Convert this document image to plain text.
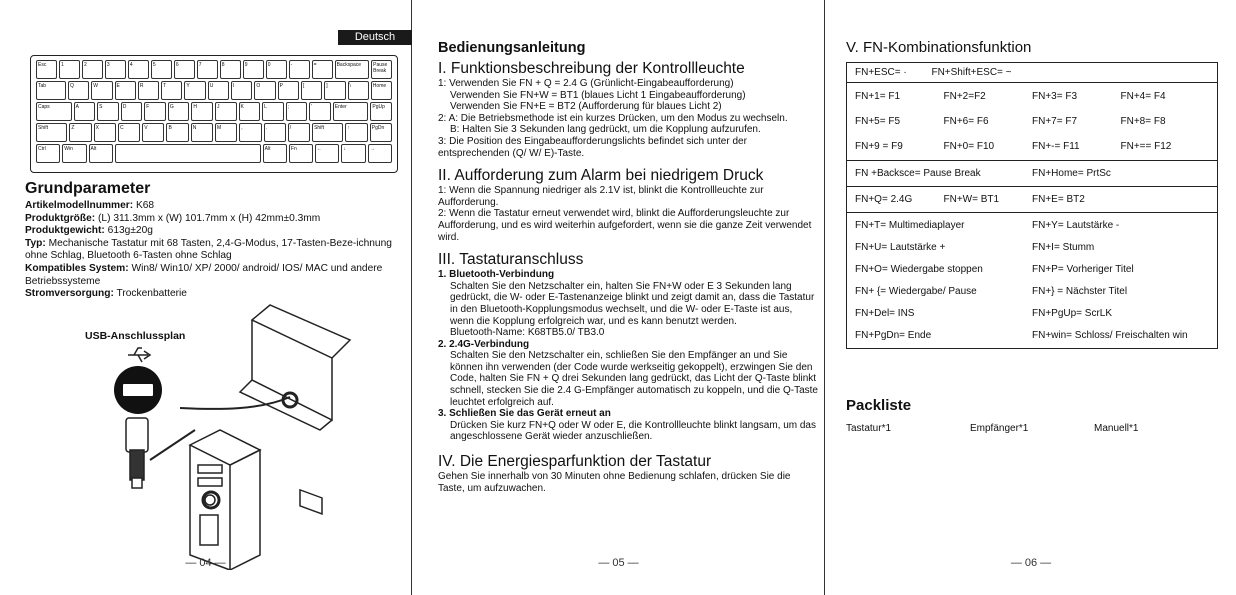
Deutsch
Esc	1	2	3	4	5	6	7	8	9	0	-	=	Backspace	Pause Break
Tab	Q	W	E	R	T	Y	U	I	O	P	[	]	\	Home
Caps	A	S	D	F	G	H	J	K	L	;	'	Enter	PgUp
Shift	Z	X	C	V	B	N	M	,	.	/	Shift	↑	PgDn
Ctrl	Win	Alt	Alt	Fn	←	↓	→
Grundparameter
Artikelmodellnummer: K68
Produktgröße: (L) 311.3mm x (W) 101.7mm x (H) 42mm±0.3mm
Produktgewicht: 613g±20g
Typ: Mechanische Tastatur mit 68 Tasten, 2,4-G-Modus, 17-Tasten-Beze-ichnung ohne Schlag, Bluetooth 6-Tasten ohne Schlag
Kompatibles System: Win8/ Win10/ XP/ 2000/ android/ IOS/ MAC und andere Betriebssysteme
Stromversorgung: Trockenbatterie
USB-Anschlussplan
— 04 —
Bedienungsanleitung

I. Funktionsbeschreibung der Kontrollleuchte

1: Verwenden Sie FN + Q = 2.4 G (Grünlicht-Eingabeaufforderung)

Verwenden Sie FN+W = BT1 (blaues Licht 1 Eingabeaufforderung)

Verwenden Sie FN+E = BT2 (Aufforderung für blaues Licht 2)

2: A: Die Betriebsmethode ist ein kurzes Drücken, um den Modus zu wechseln.

B: Halten Sie 3 Sekunden lang gedrückt, um die Kopplung aufzurufen.

3: Die Position des Eingabeaufforderungslichts befindet sich unter der entsprechenden (Q/ W/ E)-Taste.

II. Aufforderung zum Alarm bei niedrigem Druck

1: Wenn die Spannung niedriger als 2.1V ist, blinkt die Kontrollleuchte zur Aufforderung.

2: Wenn die Tastatur erneut verwendet wird, blinkt die Aufforderungsleuchte zur Aufforderung, und es wird weiterhin aufgefordert, wenn sie die ganze Zeit verwendet wird.

III. Tastaturanschluss

1. Bluetooth-Verbindung

Schalten Sie den Netzschalter ein, halten Sie FN+W oder E 3 Sekunden lang gedrückt, die W- oder E-Tastenanzeige blinkt und zeigt damit an, dass die Tastatur in den Bluetooth-Kopplungsmodus wechselt, und die W- oder E-Taste ist aus, wenn die Kopplung erfolgreich war, und es kann benutzt werden.

Bluetooth-Name: K68TB5.0/ TB3.0

2. 2.4G-Verbindung

Schalten Sie den Netzschalter ein, schließen Sie den Empfänger an und Sie können ihn verwenden (der Code wurde werkseitig gekoppelt), erzwingen Sie den Code, halten Sie FN + Q drei Sekunden lang gedrückt, das Licht der Q-Taste blinkt schnell, stecken Sie die 2.4 G-Empfänger automatisch zu koppeln, und die Q-Taste leuchtet erfolgreich auf.

3. Schließen Sie das Gerät erneut an

Drücken Sie kurz FN+Q oder W oder E, die Kontrollleuchte blinkt langsam, um das angeschlossene Gerät wieder anzuschließen.

IV. Die Energiesparfunktion der Tastatur

Gehen Sie innerhalb von 30 Minuten ohne Bedienung schlafen, drücken Sie die Taste, um aufzuwachen.

— 05 —
V. FN-Kombinationsfunktion
FN+ESC= · FN+Shift+ESC= ~
FN+1= F1	FN+2=F2	FN+3= F3	FN+4= F4
FN+5= F5	FN+6= F6	FN+7= F7	FN+8= F8
FN+9 = F9	FN+0= F10	FN+-= F11	FN+== F12
FN +Backsce= Pause Break	FN+Home= PrtSc
FN+Q= 2.4G	FN+W= BT1	FN+E= BT2
FN+T= Multimediaplayer	FN+Y= Lautstärke -
FN+U= Lautstärke +	FN+I= Stumm
FN+O= Wiedergabe stoppen	FN+P= Vorheriger Titel
FN+ {= Wiedergabe/ Pause	FN+} = Nächster Titel
FN+Del= INS	FN+PgUp= ScrLK
FN+PgDn= Ende	FN+win= Schloss/ Freischalten win
Packliste
Tastatur*1	Empfänger*1	Manuell*1
— 06 —
